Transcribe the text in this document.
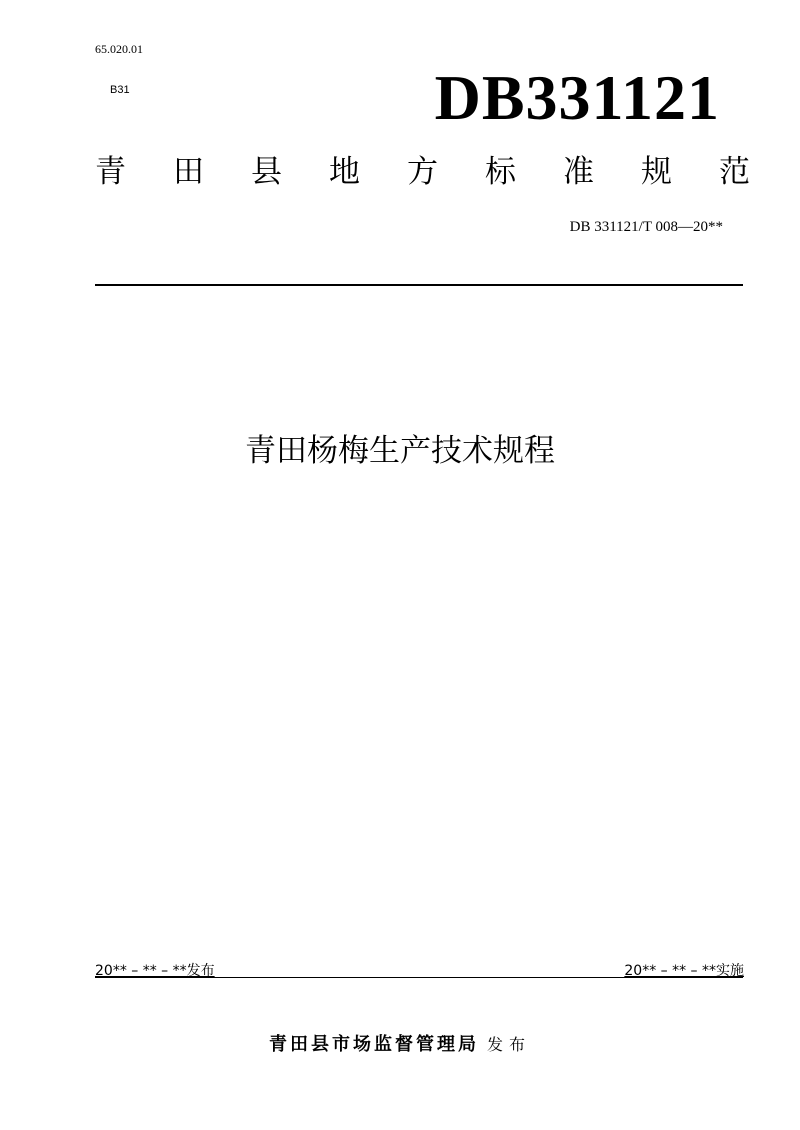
65.020.01
B31	DB331121
青 田 县 地 方 标 准 规 范
DB 331121/T 008—20**
青田杨梅生产技术规程
20** – ** – **发布	20** – ** – **实施
青田县市场监督管理局 发布
